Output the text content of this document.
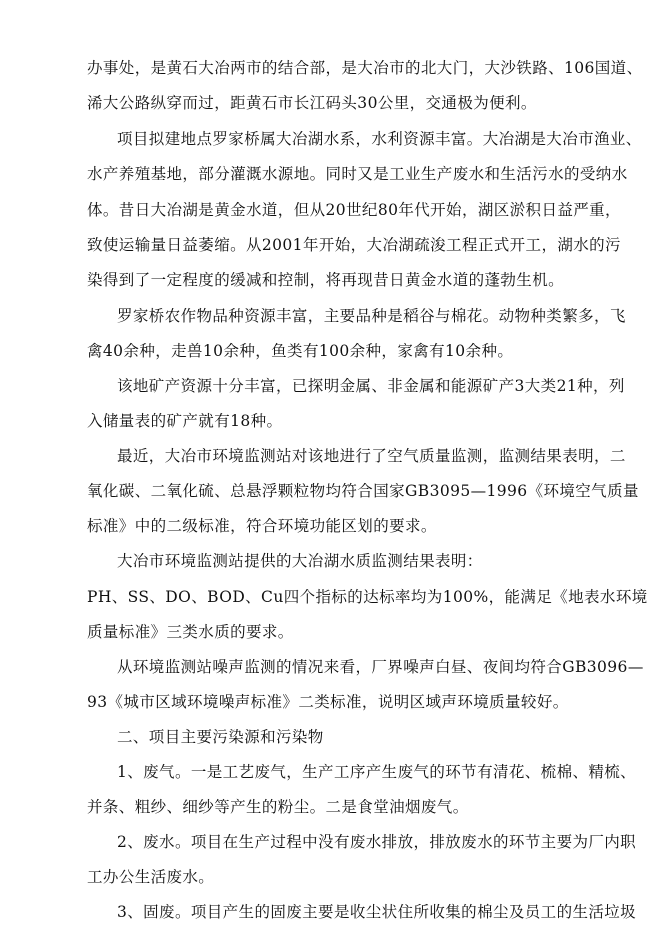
办事处，是黄石大冶两市的结合部，是大冶市的北大门，大沙铁路、106国道、
浠大公路纵穿而过，距黄石市长江码头30公里，交通极为便利。
项目拟建地点罗家桥属大冶湖水系，水利资源丰富。大冶湖是大冶市渔业、
水产养殖基地，部分灌溉水源地。同时又是工业生产废水和生活污水的受纳水
体。昔日大冶湖是黄金水道，但从20世纪80年代开始，湖区淤积日益严重，
致使运输量日益萎缩。从2001年开始，大冶湖疏浚工程正式开工，湖水的污
染得到了一定程度的缓减和控制，将再现昔日黄金水道的蓬勃生机。
罗家桥农作物品种资源丰富，主要品种是稻谷与棉花。动物种类繁多，飞
禽40余种，走兽10余种，鱼类有100余种，家禽有10余种。
该地矿产资源十分丰富，已探明金属、非金属和能源矿产3大类21种，列
入储量表的矿产就有18种。
最近，大冶市环境监测站对该地进行了空气质量监测，监测结果表明，二
氧化碳、二氧化硫、总悬浮颗粒物均符合国家GB3095—1996《环境空气质量
标准》中的二级标准，符合环境功能区划的要求。
大冶市环境监测站提供的大冶湖水质监测结果表明：
PH、SS、DO、BOD、Cu四个指标的达标率均为100%，能满足《地表水环境
质量标准》三类水质的要求。
从环境监测站噪声监测的情况来看，厂界噪声白昼、夜间均符合GB3096—
93《城市区域环境噪声标准》二类标准，说明区域声环境质量较好。
二、项目主要污染源和污染物
1、废气。一是工艺废气，生产工序产生废气的环节有清花、梳棉、精梳、
并条、粗纱、细纱等产生的粉尘。二是食堂油烟废气。
2、废水。项目在生产过程中没有废水排放，排放废水的环节主要为厂内职
工办公生活废水。
3、固废。项目产生的固废主要是收尘状住所收集的棉尘及员工的生活垃圾
